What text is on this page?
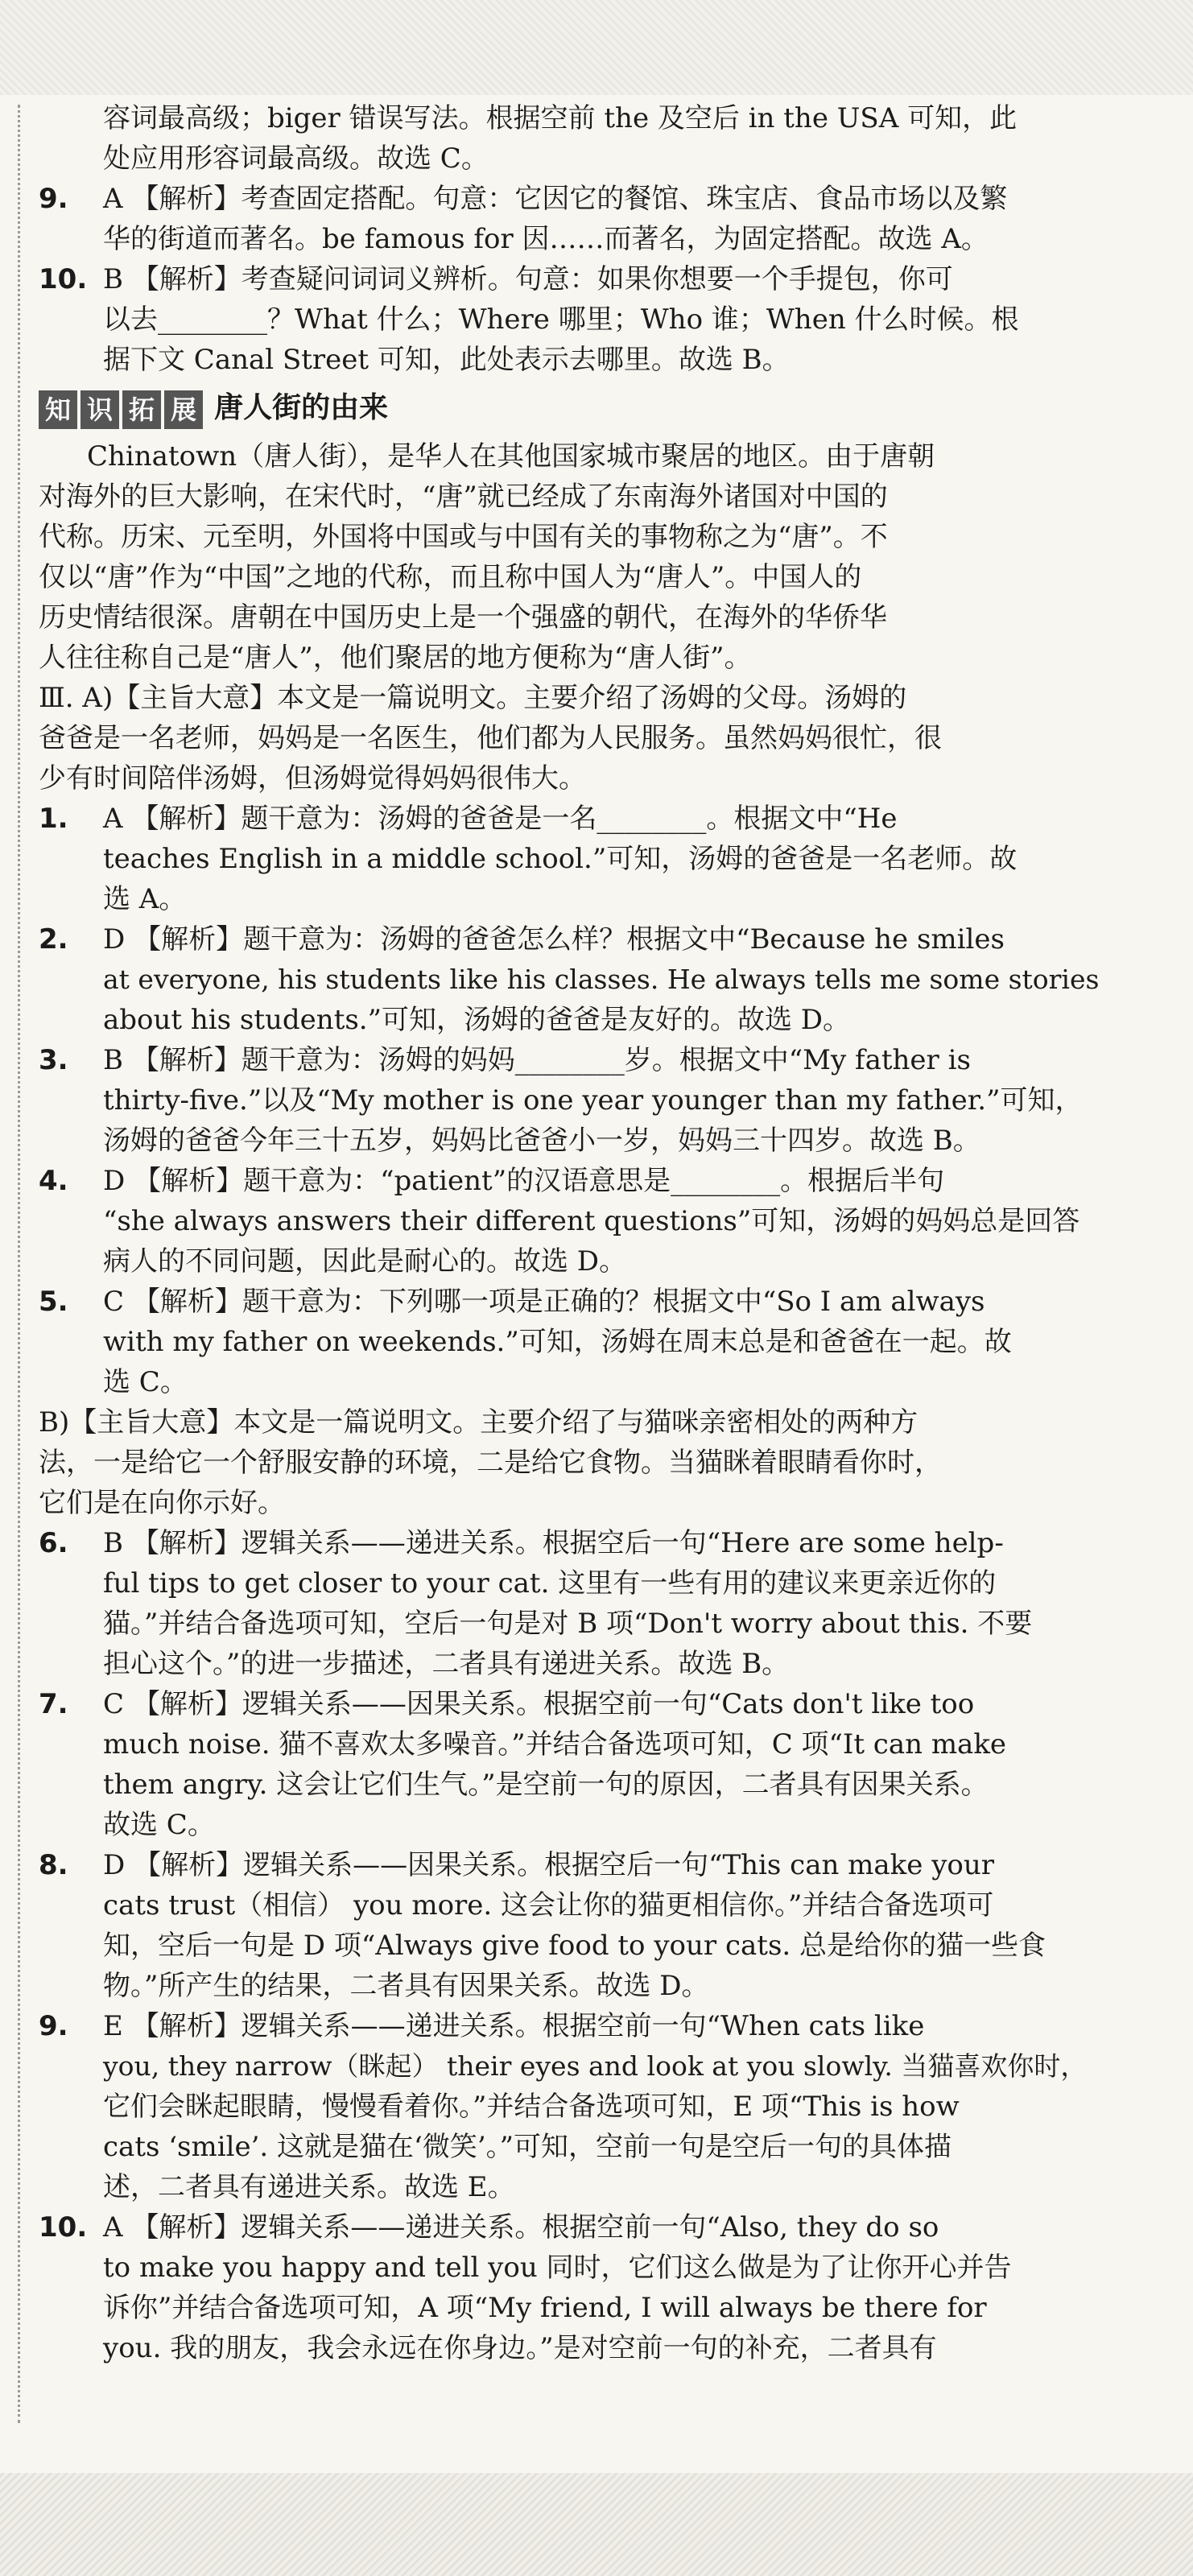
容词最高级；biger 错误写法。根据空前 the 及空后 in the USA 可知，此
处应用形容词最高级。故选 C。
9. A 【解析】考查固定搭配。句意：它因它的餐馆、珠宝店、食品市场以及繁
华的街道而著名。be famous for 因……而著名，为固定搭配。故选 A。
10. B 【解析】考查疑问词词义辨析。句意：如果你想要一个手提包，你可
以去________？What 什么；Where 哪里；Who 谁；When 什么时候。根
据下文 Canal Street 可知，此处表示去哪里。故选 B。
知 识 拓 展 唐人街的由来
Chinatown（唐人街），是华人在其他国家城市聚居的地区。由于唐朝
对海外的巨大影响，在宋代时，“唐”就已经成了东南海外诸国对中国的
代称。历宋、元至明，外国将中国或与中国有关的事物称之为“唐”。不
仅以“唐”作为“中国”之地的代称，而且称中国人为“唐人”。中国人的
历史情结很深。唐朝在中国历史上是一个强盛的朝代，在海外的华侨华
人往往称自己是“唐人”，他们聚居的地方便称为“唐人街”。
Ⅲ. A)【主旨大意】本文是一篇说明文。主要介绍了汤姆的父母。汤姆的
爸爸是一名老师，妈妈是一名医生，他们都为人民服务。虽然妈妈很忙，很
少有时间陪伴汤姆，但汤姆觉得妈妈很伟大。
1. A 【解析】题干意为：汤姆的爸爸是一名________。根据文中“He
teaches English in a middle school.”可知，汤姆的爸爸是一名老师。故
选 A。
2. D 【解析】题干意为：汤姆的爸爸怎么样？根据文中“Because he smiles
at everyone, his students like his classes. He always tells me some stories
about his students.”可知，汤姆的爸爸是友好的。故选 D。
3. B 【解析】题干意为：汤姆的妈妈________岁。根据文中“My father is
thirty-five.”以及“My mother is one year younger than my father.”可知，
汤姆的爸爸今年三十五岁，妈妈比爸爸小一岁，妈妈三十四岁。故选 B。
4. D 【解析】题干意为：“patient”的汉语意思是________。根据后半句
“she always answers their different questions”可知，汤姆的妈妈总是回答
病人的不同问题，因此是耐心的。故选 D。
5. C 【解析】题干意为：下列哪一项是正确的？根据文中“So I am always
with my father on weekends.”可知，汤姆在周末总是和爸爸在一起。故
选 C。
B)【主旨大意】本文是一篇说明文。主要介绍了与猫咪亲密相处的两种方
法，一是给它一个舒服安静的环境，二是给它食物。当猫眯着眼睛看你时，
它们是在向你示好。
6. B 【解析】逻辑关系——递进关系。根据空后一句“Here are some help-
ful tips to get closer to your cat. 这里有一些有用的建议来更亲近你的
猫。”并结合备选项可知，空后一句是对 B 项“Don't worry about this. 不要
担心这个。”的进一步描述，二者具有递进关系。故选 B。
7. C 【解析】逻辑关系——因果关系。根据空前一句“Cats don't like too
much noise. 猫不喜欢太多噪音。”并结合备选项可知，C 项“It can make
them angry. 这会让它们生气。”是空前一句的原因，二者具有因果关系。
故选 C。
8. D 【解析】逻辑关系——因果关系。根据空后一句“This can make your
cats trust（相信） you more. 这会让你的猫更相信你。”并结合备选项可
知，空后一句是 D 项“Always give food to your cats. 总是给你的猫一些食
物。”所产生的结果，二者具有因果关系。故选 D。
9. E 【解析】逻辑关系——递进关系。根据空前一句“When cats like
you, they narrow（眯起） their eyes and look at you slowly. 当猫喜欢你时，
它们会眯起眼睛，慢慢看着你。”并结合备选项可知，E 项“This is how
cats ‘smile’. 这就是猫在‘微笑’。”可知，空前一句是空后一句的具体描
述，二者具有递进关系。故选 E。
10. A 【解析】逻辑关系——递进关系。根据空前一句“Also, they do so
to make you happy and tell you 同时，它们这么做是为了让你开心并告
诉你”并结合备选项可知，A 项“My friend, I will always be there for
you. 我的朋友，我会永远在你身边。”是对空前一句的补充，二者具有
